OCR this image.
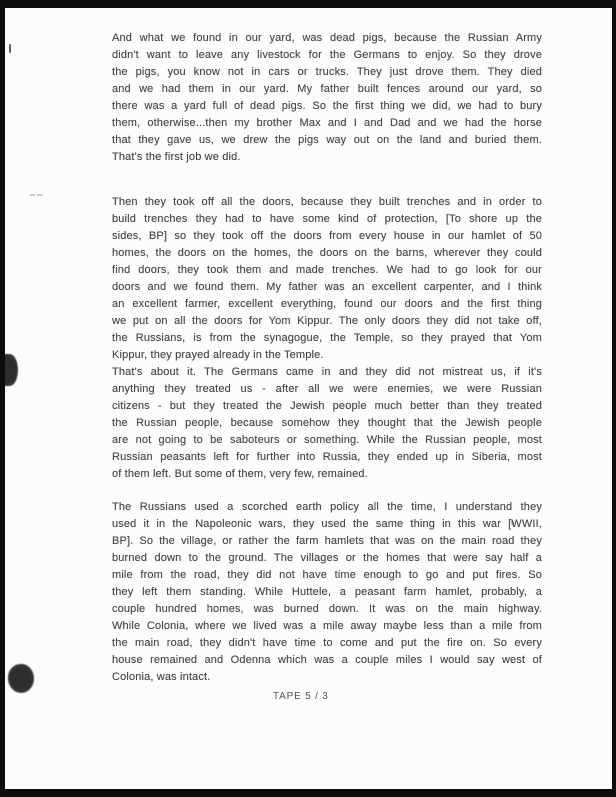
And what we found in our yard, was dead pigs, because the Russian Army
didn't want to leave any livestock for the Germans to enjoy. So they drove
the pigs, you know not in cars or trucks. They just drove them. They died
and we had them in our yard. My father built fences around our yard, so
there was a yard full of dead pigs. So the first thing we did, we had to bury
them, otherwise...then my brother Max and I and Dad and we had the horse
that they gave us, we drew the pigs way out on the land and buried them.
That's the first job we did.
Then they took off all the doors, because they built trenches and in order to
build trenches they had to have some kind of protection, [To shore up the
sides, BP] so they took off the doors from every house in our hamlet of 50
homes, the doors on the homes, the doors on the barns, wherever they could
find doors, they took them and made trenches. We had to go look for our
doors and we found them. My father was an excellent carpenter, and I think
an excellent farmer, excellent everything, found our doors and the first thing
we put on all the doors for Yom Kippur. The only doors they did not take off,
the Russians, is from the synagogue, the Temple, so they prayed that Yom
Kippur, they prayed already in the Temple.
That's about it. The Germans came in and they did not mistreat us, if it's
anything they treated us - after all we were enemies, we were Russian
citizens - but they treated the Jewish people much better than they treated
the Russian people, because somehow they thought that the Jewish people
are not going to be saboteurs or something. While the Russian people, most
Russian peasants left for further into Russia, they ended up in Siberia, most
of them left. But some of them, very few, remained.
The Russians used a scorched earth policy all the time, I understand they
used it in the Napoleonic wars, they used the same thing in this war [WWII,
BP]. So the village, or rather the farm hamlets that was on the main road they
burned down to the ground. The villages or the homes that were say half a
mile from the road, they did not have time enough to go and put fires. So
they left them standing. While Huttele, a peasant farm hamlet, probably, a
couple hundred homes, was burned down. It was on the main highway.
While Colonia, where we lived was a mile away maybe less than a mile from
the main road, they didn't have time to come and put the fire on. So every
house remained and Odenna which was a couple miles I would say west of
Colonia, was intact.
TAPE 5 / 3
